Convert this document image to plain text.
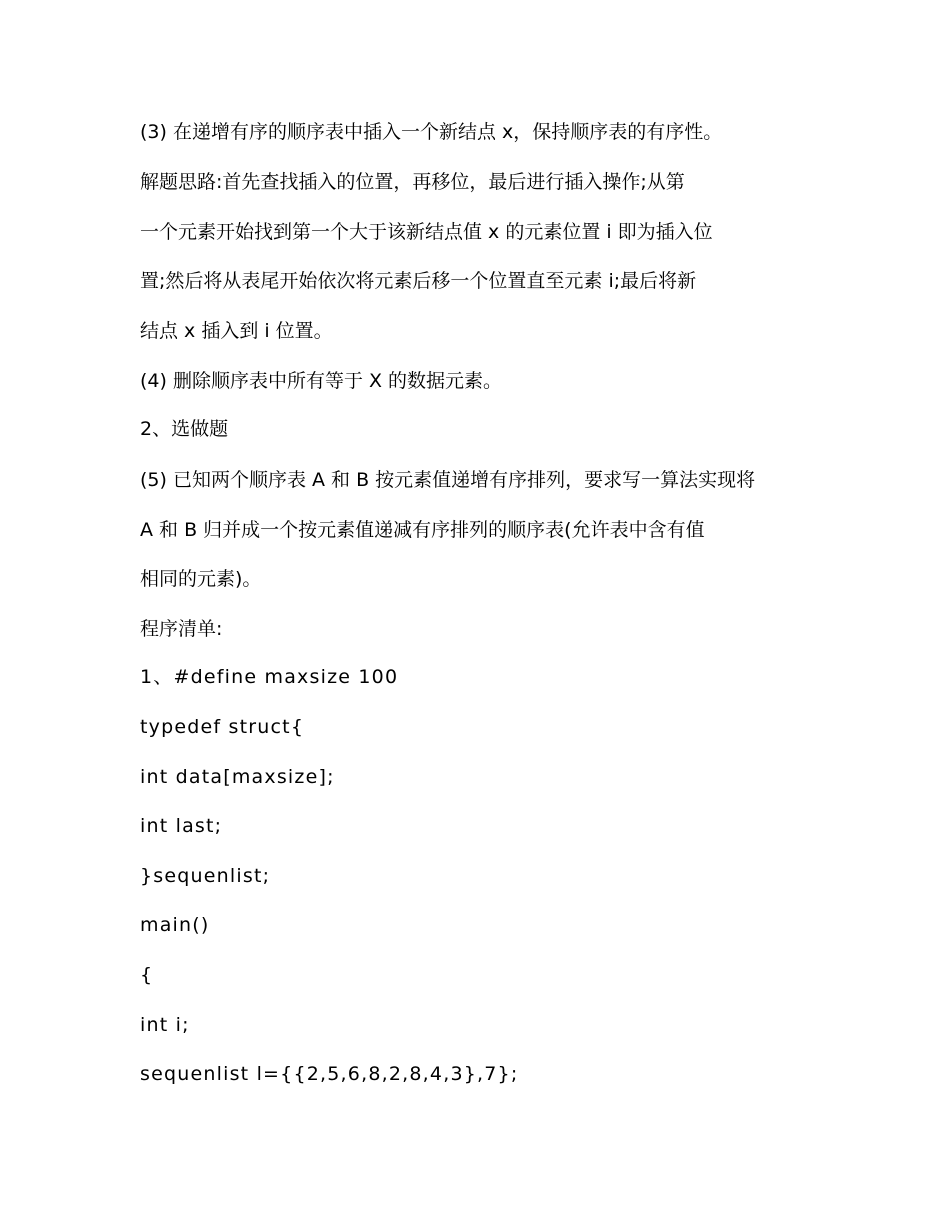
(3) 在递增有序的顺序表中插入一个新结点 x，保持顺序表的有序性。

解题思路:首先查找插入的位置，再移位，最后进行插入操作;从第

一个元素开始找到第一个大于该新结点值 x 的元素位置 i 即为插入位

置;然后将从表尾开始依次将元素后移一个位置直至元素 i;最后将新

结点 x 插入到 i 位置。

(4) 删除顺序表中所有等于 X 的数据元素。

2、选做题

(5) 已知两个顺序表 A 和 B 按元素值递增有序排列，要求写一算法实现将

A 和 B 归并成一个按元素值递减有序排列的顺序表(允许表中含有值

相同的元素)。

程序清单:

1、#define maxsize 100

typedef struct{

int data[maxsize];

int last;

}sequenlist;

main()

{

int i;

sequenlist l={{2,5,6,8,2,8,4,3},7};
